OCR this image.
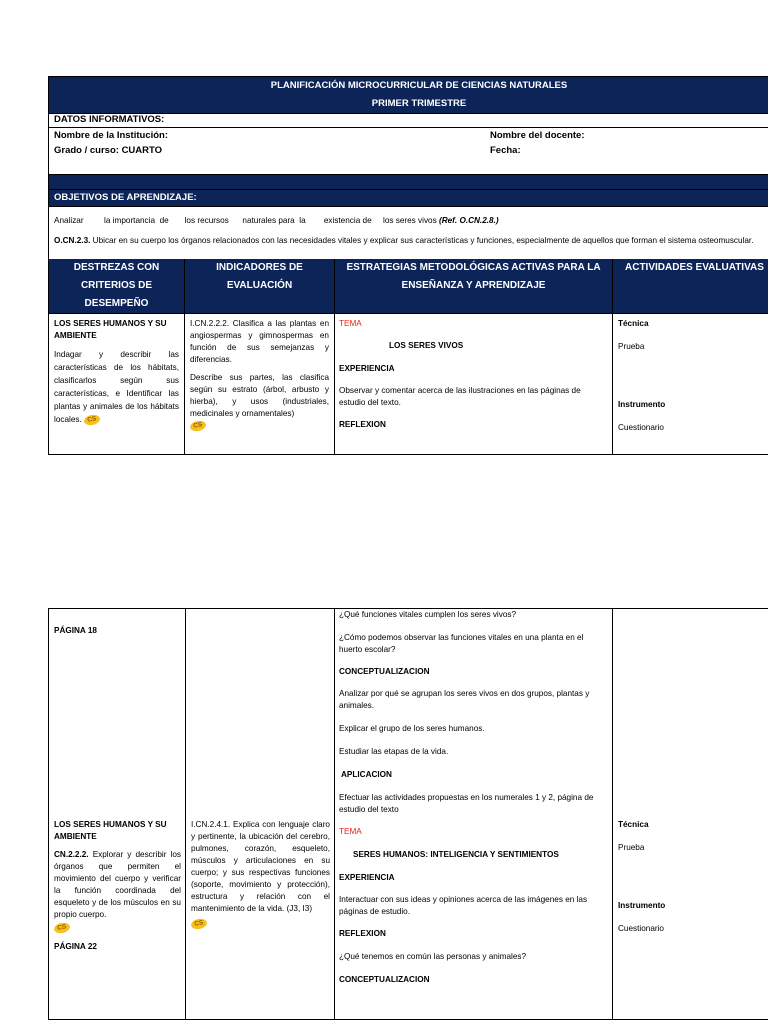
PLANIFICACIÓN MICROCURRICULAR DE CIENCIAS NATURALES
PRIMER TRIMESTRE
DATOS INFORMATIVOS:
Nombre de la Institución:	Nombre del docente:
Grado / curso: CUARTO	Fecha:
OBJETIVOS DE APRENDIZAJE:
Analizar         la importancia  de       los recursos      naturales para  la        existencia de     los seres vivos (Ref. O.CN.2.8.)
O.CN.2.3. Ubicar en su cuerpo los órganos relacionados con las necesidades vitales y explicar sus características y funciones, especialmente de aquellos que forman el sistema osteomuscular.
DESTREZAS CON CRITERIOS DE DESEMPEÑO
INDICADORES DE EVALUACIÓN
ESTRATEGIAS METODOLÓGICAS ACTIVAS PARA LA ENSEÑANZA Y APRENDIZAJE
ACTIVIDADES EVALUATIVAS

LOS SERES HUMANOS Y SU AMBIENTE

Indagar y describir las características de los hábitats, clasificarlos según sus características, e Identificar las plantas y animales de los hábitats locales. CS

I.CN.2.2.2. Clasifica a las plantas en angiospermas y gimnospermas en función de sus semejanzas y diferencias.

Describe sus partes, las clasifica según su estrato (árbol, arbusto y hierba), y usos (industriales, medicinales y ornamentales)

CS

TEMA

LOS SERES VIVOS

EXPERIENCIA

Observar y comentar acerca de las ilustraciones en las páginas de estudio del texto.

REFLEXION

Técnica

Prueba

Instrumento

Cuestionario

PÁGINA 18

LOS SERES HUMANOS Y SU AMBIENTE

CN.2.2.2. Explorar y describir los órganos que permiten el movimiento del cuerpo y verificar la función coordinada del esqueleto y de los músculos en su propio cuerpo.

CS

PÁGINA 22

I.CN.2.4.1. Explica con lenguaje claro y pertinente, la ubicación del cerebro, pulmones, corazón, esqueleto, músculos y articulaciones en su cuerpo; y sus respectivas funciones (soporte, movimiento y protección), estructura y relación con el mantenimiento de la vida. (J3, I3)

CS

¿Qué funciones vitales cumplen los seres vivos?

¿Cómo podemos observar las funciones vitales en una planta en el huerto escolar?

CONCEPTUALIZACION

Analizar por qué se agrupan los seres vivos en dos grupos, plantas y animales.

Explicar el grupo de los seres humanos.

Estudiar las etapas de la vida.

APLICACION

Efectuar las actividades propuestas en los numerales 1 y 2, página de estudio del texto

TEMA

SERES HUMANOS: INTELIGENCIA Y SENTIMIENTOS

EXPERIENCIA

Interactuar con sus ideas y opiniones acerca de las imágenes en las páginas de estudio.

REFLEXION

¿Qué tenemos en común las personas y animales?

CONCEPTUALIZACION

Técnica

Prueba

Instrumento

Cuestionario
